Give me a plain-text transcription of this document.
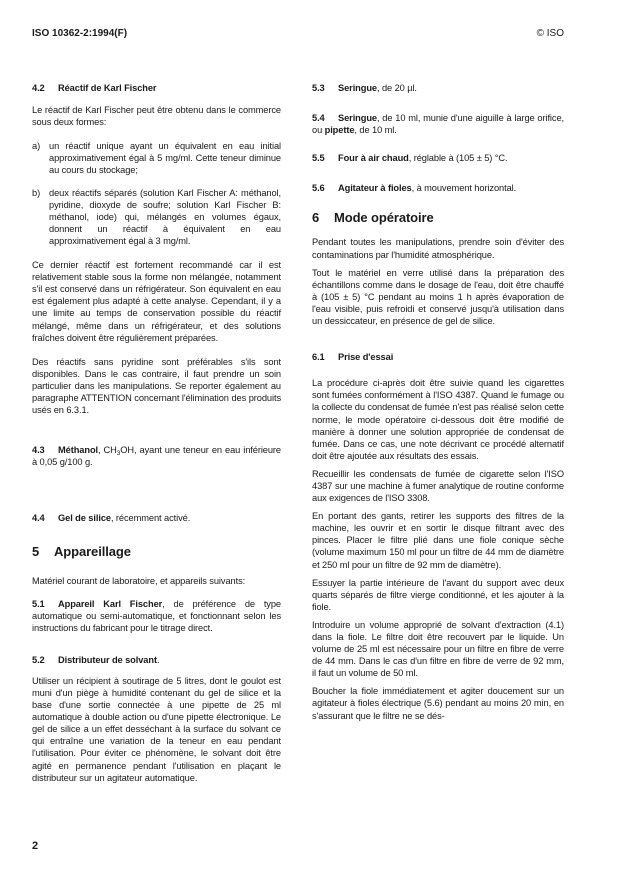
ISO 10362-2:1994(F)	© ISO
4.2 Réactif de Karl Fischer
Le réactif de Karl Fischer peut être obtenu dans le commerce sous deux formes:
a) un réactif unique ayant un équivalent en eau initial approximativement égal à 5 mg/ml. Cette teneur diminue au cours du stockage;
b) deux réactifs séparés (solution Karl Fischer A: méthanol, pyridine, dioxyde de soufre; solution Karl Fischer B: méthanol, iode) qui, mélangés en volumes égaux, donnent un réactif à équivalent en eau approximativement égal à 3 mg/ml.
Ce dernier réactif est fortement recommandé car il est relativement stable sous la forme non mélangée, notamment s'il est conservé dans un réfrigérateur. Son équivalent en eau est également plus adapté à cette analyse. Cependant, il y a une limite au temps de conservation possible du réactif mélangé, même dans un réfrigérateur, et des solutions fraîches doivent être régulièrement préparées.
Des réactifs sans pyridine sont préférables s'ils sont disponibles. Dans le cas contraire, il faut prendre un soin particulier dans les manipulations. Se reporter également au paragraphe ATTENTION concernant l'élimination des produits usés en 6.3.1.
4.3 Méthanol, $CH_3OH$, ayant une teneur en eau inférieure à 0,05 g/100 g.
4.4 Gel de silice, récemment activé.
5 Appareillage
Matériel courant de laboratoire, et appareils suivants:
5.1 Appareil Karl Fischer, de préférence de type automatique ou semi-automatique, et fonctionnant selon les instructions du fabricant pour le titrage direct.
5.2 Distributeur de solvant.
Utiliser un récipient à soutirage de 5 litres, dont le goulot est muni d'un piège à humidité contenant du gel de silice et la base d'une sortie connectée à une pipette de 25 ml automatique à double action ou d'une pipette électronique. Le gel de silice a un effet desséchant à la surface du solvant ce qui entraîne une variation de la teneur en eau pendant l'utilisation. Pour éviter ce phénomène, le solvant doit être agité en permanence pendant l'utilisation en plaçant le distributeur sur un agitateur automatique.
2
5.3 Seringue, de 20 µl.
5.4 Seringue, de 10 ml, munie d'une aiguille à large orifice, ou pipette, de 10 ml.
5.5 Four à air chaud, réglable à (105 ± 5) °C.
5.6 Agitateur à fioles, à mouvement horizontal.
6 Mode opératoire
Pendant toutes les manipulations, prendre soin d'éviter des contaminations par l'humidité atmosphérique.
Tout le matériel en verre utilisé dans la préparation des échantillons comme dans le dosage de l'eau, doit être chauffé à (105 ± 5) °C pendant au moins 1 h après évaporation de l'eau visible, puis refroidi et conservé jusqu'à utilisation dans un dessiccateur, en présence de gel de silice.
6.1 Prise d'essai
La procédure ci-après doit être suivie quand les cigarettes sont fumées conformément à l'ISO 4387. Quand le fumage ou la collecte du condensat de fumée n'est pas réalisé selon cette norme, le mode opératoire ci-dessous doit être modifié de manière à donner une solution appropriée de condensat de fumée. Dans ce cas, une note décrivant ce procédé alternatif doit être ajoutée aux résultats des essais.
Recueillir les condensats de fumée de cigarette selon l'ISO 4387 sur une machine à fumer analytique de routine conforme aux exigences de l'ISO 3308.
En portant des gants, retirer les supports des filtres de la machine, les ouvrir et en sortir le disque filtrant avec des pinces. Placer le filtre plié dans une fiole conique sèche (volume maximum 150 ml pour un filtre de 44 mm de diamètre et 250 ml pour un filtre de 92 mm de diamètre).
Essuyer la partie intérieure de l'avant du support avec deux quarts séparés de filtre vierge conditionné, et les ajouter à la fiole.
Introduire un volume approprié de solvant d'extraction (4.1) dans la fiole. Le filtre doit être recouvert par le liquide. Un volume de 25 ml est nécessaire pour un filtre en fibre de verre de 44 mm. Dans le cas d'un filtre en fibre de verre de 92 mm, il faut un volume de 50 ml.
Boucher la fiole immédiatement et agiter doucement sur un agitateur à fioles électrique (5.6) pendant au moins 20 min, en s'assurant que le filtre ne se dés-
